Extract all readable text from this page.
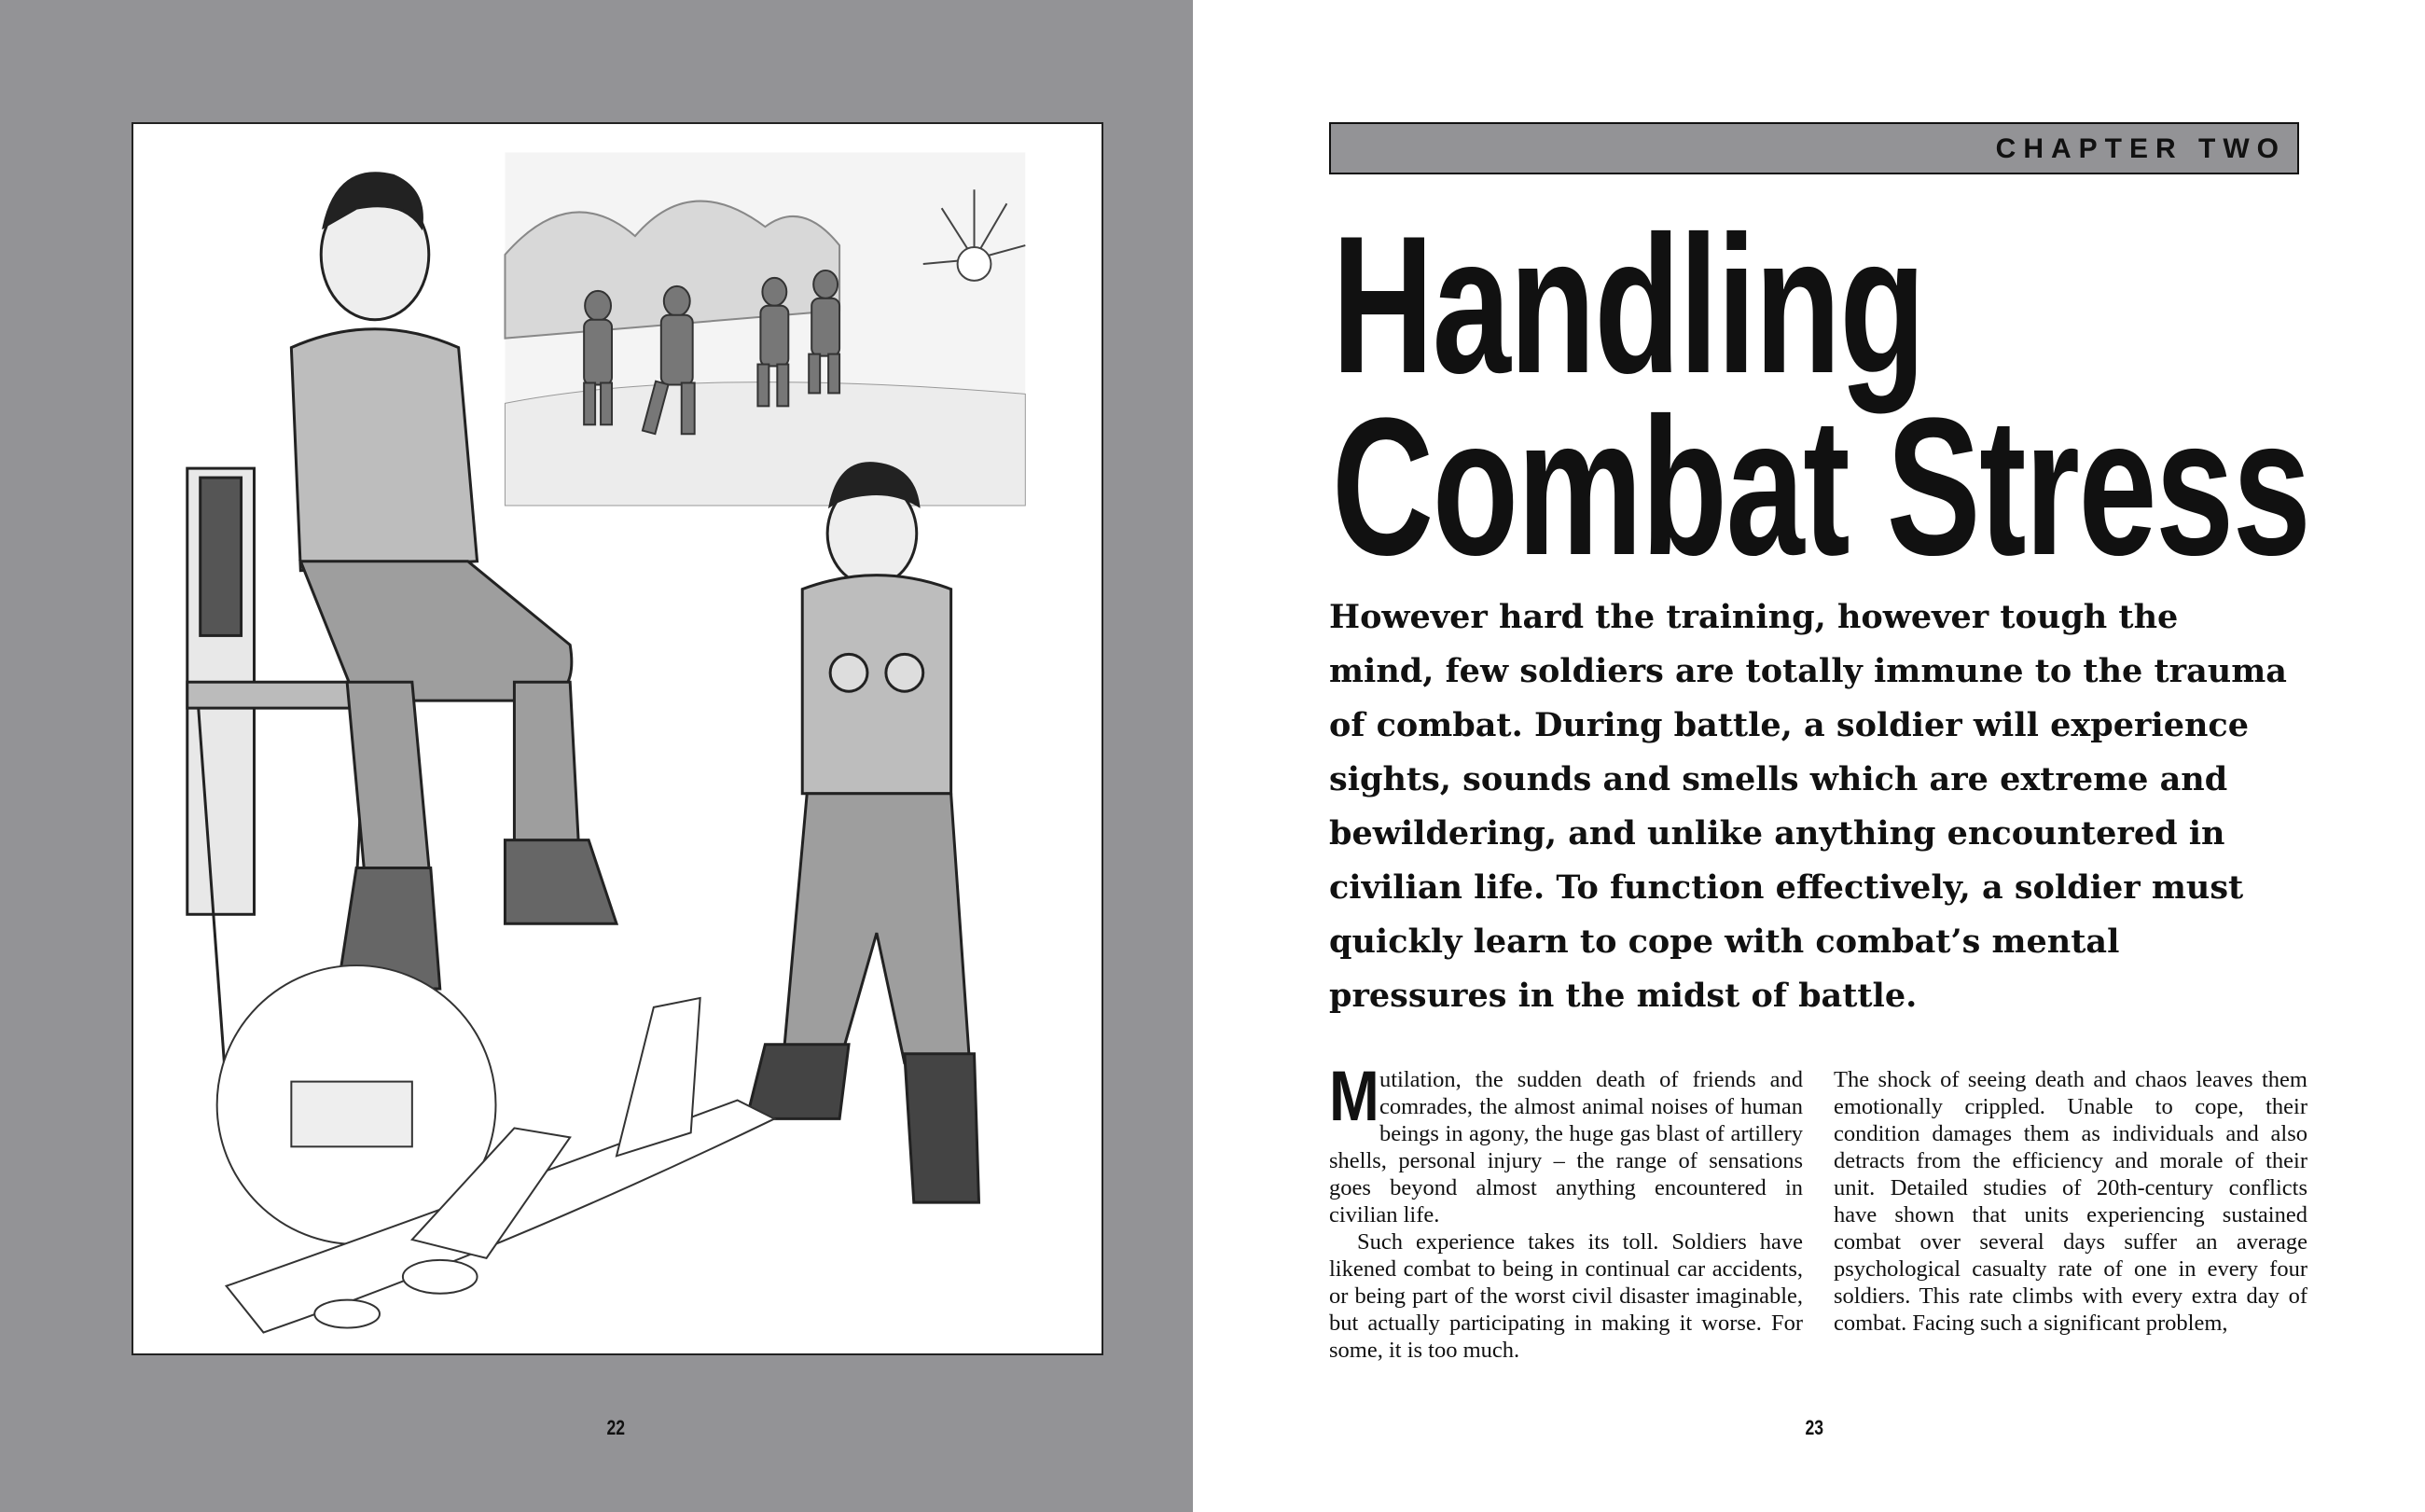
22
CHAPTER TWO
Handling
Combat Stress

However hard the training, however tough the mind, few soldiers are totally immune to the trauma of combat. During battle, a soldier will experience sights, sounds and smells which are extreme and bewildering, and unlike anything encountered in civilian life. To function effectively, a soldier must quickly learn to cope with combat’s mental pressures in the midst of battle.

Mutilation, the sudden death of friends and comrades, the almost animal noises of human beings in agony, the huge gas blast of artillery shells, personal injury – the range of sensations goes beyond almost anything encountered in civilian life.

Such experience takes its toll. Soldiers have likened combat to being in continual car accidents, or being part of the worst civil disaster imaginable, but actually participating in making it worse. For some, it is too much.

The shock of seeing death and chaos leaves them emotionally crippled. Unable to cope, their condition damages them as individuals and also detracts from the efficiency and morale of their unit. Detailed studies of 20th-century conflicts have shown that units experiencing sustained combat over several days suffer an average psychological casualty rate of one in every four soldiers. This rate climbs with every extra day of combat. Facing such a significant problem,

23
